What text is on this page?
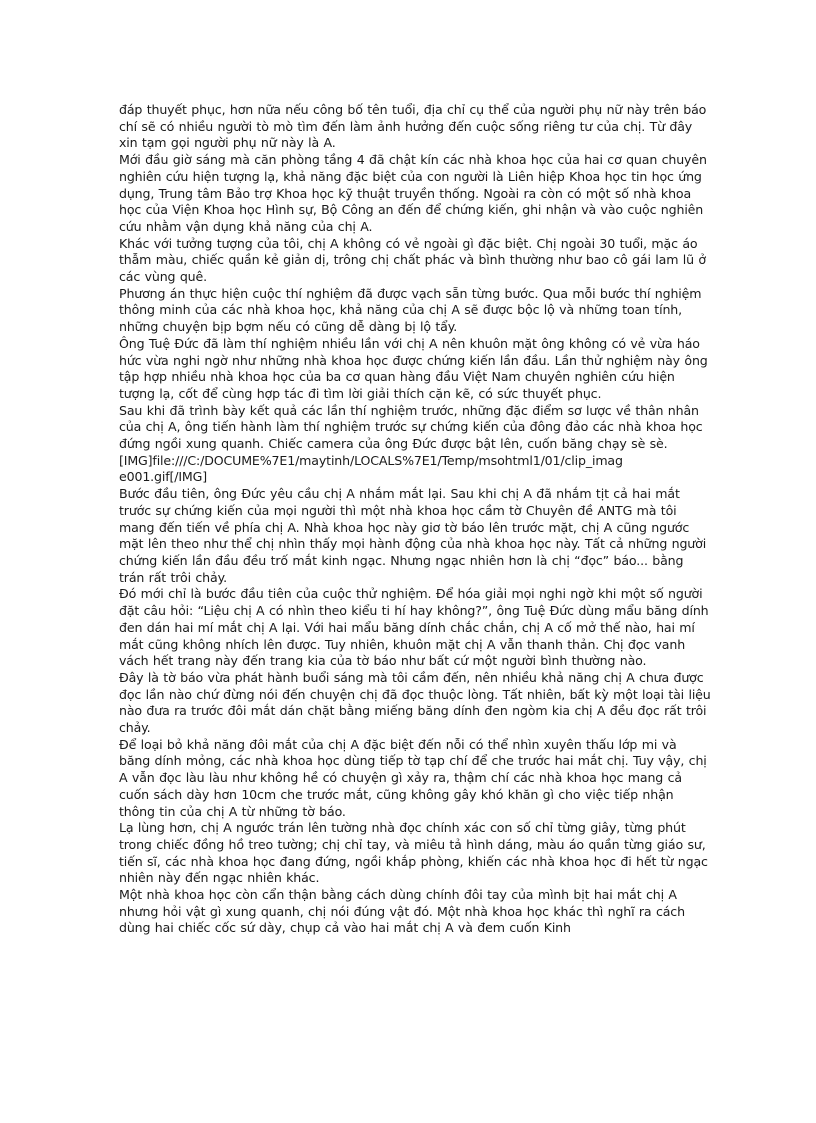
đáp thuyết phục, hơn nữa nếu công bố tên tuổi, địa chỉ cụ thể của người phụ nữ này trên báo chí sẽ có nhiều người tò mò tìm đến làm ảnh hưởng đến cuộc sống riêng tư của chị. Từ đây xin tạm gọi người phụ nữ này là A.

Mới đầu giờ sáng mà căn phòng tầng 4 đã chật kín các nhà khoa học của hai cơ quan chuyên nghiên cứu hiện tượng lạ, khả năng đặc biệt của con người là Liên hiệp Khoa học tin học ứng dụng, Trung tâm Bảo trợ Khoa học kỹ thuật truyền thống. Ngoài ra còn có một số nhà khoa học của Viện Khoa học Hình sự, Bộ Công an đến để chứng kiến, ghi nhận và vào cuộc nghiên cứu nhằm vận dụng khả năng của chị A.

Khác với tưởng tượng của tôi, chị A không có vẻ ngoài gì đặc biệt. Chị ngoài 30 tuổi, mặc áo thẫm màu, chiếc quần kẻ giản dị, trông chị chất phác và bình thường như bao cô gái lam lũ ở các vùng quê.

Phương án thực hiện cuộc thí nghiệm đã được vạch sẵn từng bước. Qua mỗi bước thí nghiệm thông minh của các nhà khoa học, khả năng của chị A sẽ được bộc lộ và những toan tính, những chuyện bịp bợm nếu có cũng dễ dàng bị lộ tẩy.

Ông Tuệ Đức đã làm thí nghiệm nhiều lần với chị A nên khuôn mặt ông không có vẻ vừa háo hức vừa nghi ngờ như những nhà khoa học được chứng kiến lần đầu. Lần thử nghiệm này ông tập hợp nhiều nhà khoa học của ba cơ quan hàng đầu Việt Nam chuyên nghiên cứu hiện tượng lạ, cốt để cùng hợp tác đi tìm lời giải thích cặn kẽ, có sức thuyết phục.

Sau khi đã trình bày kết quả các lần thí nghiệm trước, những đặc điểm sơ lược về thân nhân của chị A, ông tiến hành làm thí nghiệm trước sự chứng kiến của đông đảo các nhà khoa học đứng ngồi xung quanh. Chiếc camera của ông Đức được bật lên, cuốn băng chạy sè sè.

[IMG]file:///C:/DOCUME%7E1/maytinh/LOCALS%7E1/Temp/msohtml1/01/clip_imag e001.gif[/IMG]

Bước đầu tiên, ông Đức yêu cầu chị A nhắm mắt lại. Sau khi chị A đã nhắm tịt cả hai mắt trước sự chứng kiến của mọi người thì một nhà khoa học cầm tờ Chuyên đề ANTG mà tôi mang đến tiến về phía chị A. Nhà khoa học này giơ tờ báo lên trước mặt, chị A cũng ngước mặt lên theo như thể chị nhìn thấy mọi hành động của nhà khoa học này. Tất cả những người chứng kiến lần đầu đều trố mắt kinh ngạc. Nhưng ngạc nhiên hơn là chị “đọc” báo... bằng trán rất trôi chảy.

Đó mới chỉ là bước đầu tiên của cuộc thử nghiệm. Để hóa giải mọi nghi ngờ khi một số người đặt câu hỏi: “Liệu chị A có nhìn theo kiểu ti hí hay không?”, ông Tuệ Đức dùng mẩu băng dính đen dán hai mí mắt chị A lại. Với hai mẩu băng dính chắc chắn, chị A cố mở thế nào, hai mí mắt cũng không nhích lên được. Tuy nhiên, khuôn mặt chị A vẫn thanh thản. Chị đọc vanh vách hết trang này đến trang kia của tờ báo như bất cứ một người bình thường nào.

Đây là tờ báo vừa phát hành buổi sáng mà tôi cầm đến, nên nhiều khả năng chị A chưa được đọc lần nào chứ đừng nói đến chuyện chị đã đọc thuộc lòng. Tất nhiên, bất kỳ một loại tài liệu nào đưa ra trước đôi mắt dán chặt bằng miếng băng dính đen ngòm kia chị A đều đọc rất trôi chảy.

Để loại bỏ khả năng đôi mắt của chị A đặc biệt đến nỗi có thể nhìn xuyên thấu lớp mi và băng dính mỏng, các nhà khoa học dùng tiếp tờ tạp chí để che trước hai mắt chị. Tuy vậy, chị A vẫn đọc làu làu như không hề có chuyện gì xảy ra, thậm chí các nhà khoa học mang cả cuốn sách dày hơn 10cm che trước mắt, cũng không gây khó khăn gì cho việc tiếp nhận thông tin của chị A từ những tờ báo.

Lạ lùng hơn, chị A ngước trán lên tường nhà đọc chính xác con số chỉ từng giây, từng phút trong chiếc đồng hồ treo tường; chị chỉ tay, và miêu tả hình dáng, màu áo quần từng giáo sư, tiến sĩ, các nhà khoa học đang đứng, ngồi khắp phòng, khiến các nhà khoa học đi hết từ ngạc nhiên này đến ngạc nhiên khác.

Một nhà khoa học còn cẩn thận bằng cách dùng chính đôi tay của mình bịt hai mắt chị A nhưng hỏi vật gì xung quanh, chị nói đúng vật đó. Một nhà khoa học khác thì nghĩ ra cách dùng hai chiếc cốc sứ dày, chụp cả vào hai mắt chị A và đem cuốn Kinh
